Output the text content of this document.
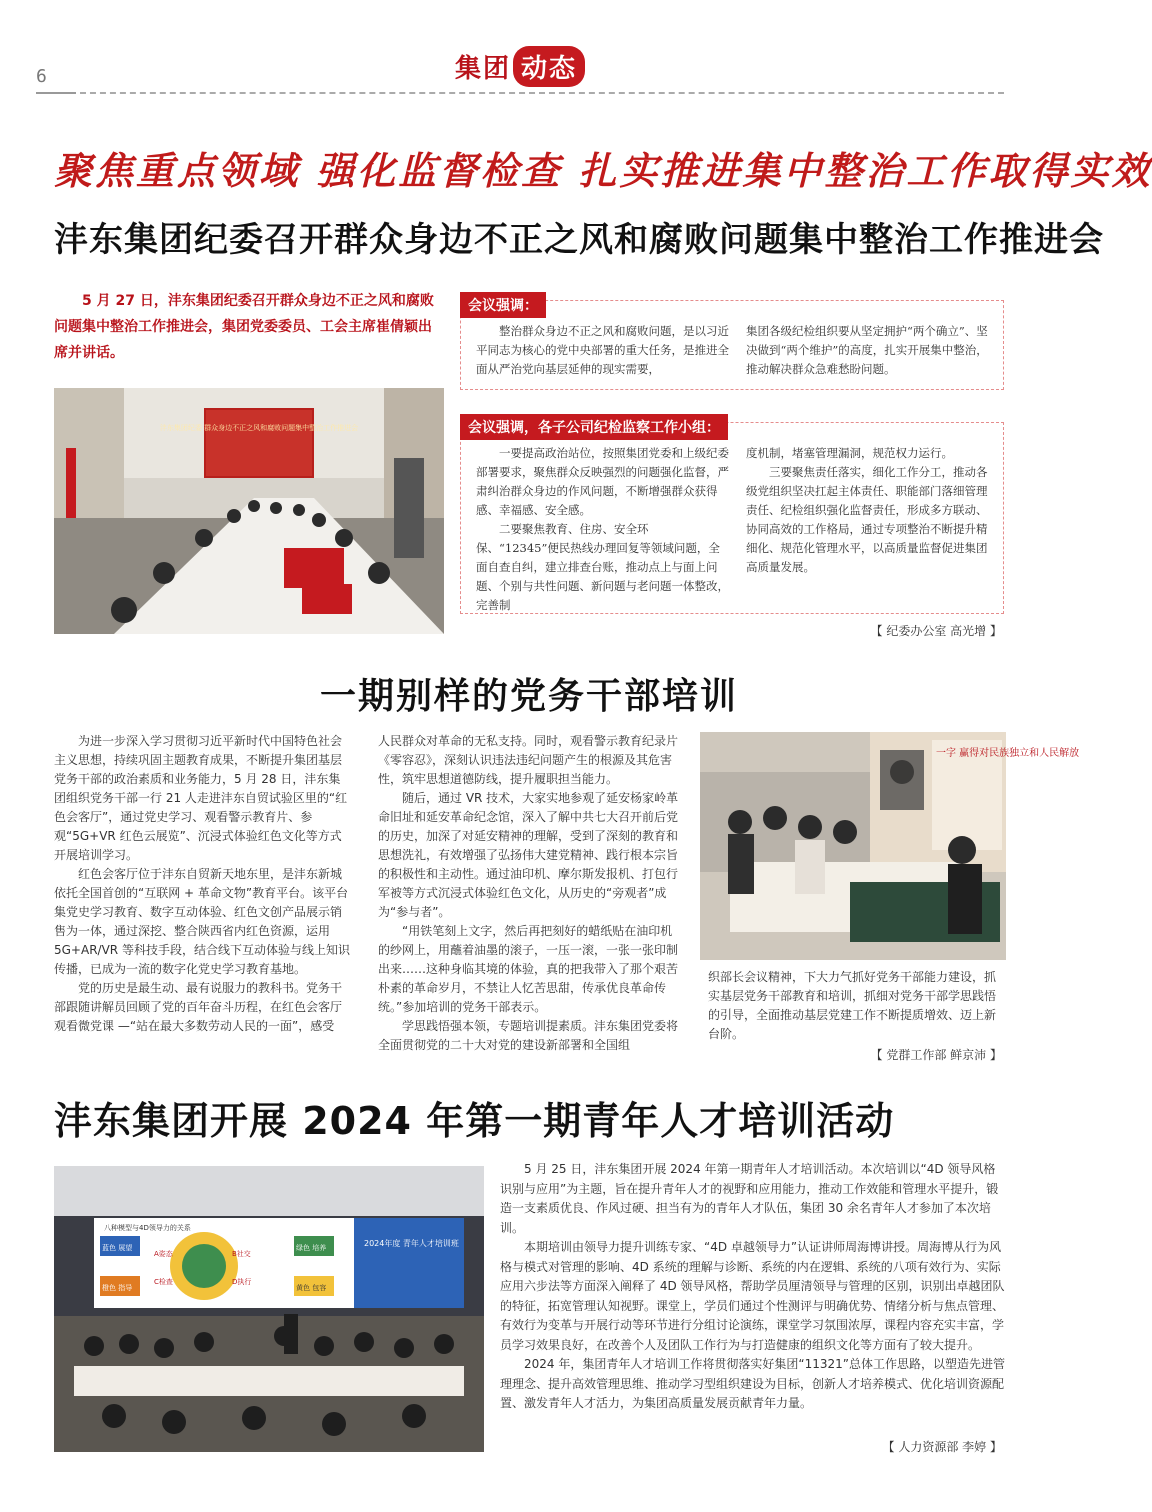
6	集团 动态
聚焦重点领域 强化监督检查 扎实推进集中整治工作取得实效
沣东集团纪委召开群众身边不正之风和腐败问题集中整治工作推进会

5 月 27 日，沣东集团纪委召开群众身边不正之风和腐败问题集中整治工作推进会，集团党委委员、工会主席崔倩颖出席并讲话。

沣东集团纪委 群众身边不正之风和腐败问题集中整治工作推进会
会议强调：

整治群众身边不正之风和腐败问题，是以习近平同志为核心的党中央部署的重大任务，是推进全面从严治党向基层延伸的现实需要，

集团各级纪检组织要从坚定拥护“两个确立”、坚决做到“两个维护”的高度，扎实开展集中整治，推动解决群众急难愁盼问题。

会议强调，各子公司纪检监察工作小组：

一要提高政治站位，按照集团党委和上级纪委部署要求，聚焦群众反映强烈的问题强化监督，严肃纠治群众身边的作风问题，不断增强群众获得感、幸福感、安全感。

二要聚焦教育、住房、安全环保、“12345”便民热线办理回复等领域问题，全面自查自纠，建立排查台账，推动点上与面上问题、个别与共性问题、新问题与老问题一体整改，完善制

度机制，堵塞管理漏洞，规范权力运行。

三要聚焦责任落实，细化工作分工，推动各级党组织坚决扛起主体责任、职能部门落细管理责任、纪检组织强化监督责任，形成多方联动、协同高效的工作格局，通过专项整治不断提升精细化、规范化管理水平，以高质量监督促进集团高质量发展。

【 纪委办公室 高光增 】
一期别样的党务干部培训

为进一步深入学习贯彻习近平新时代中国特色社会主义思想，持续巩固主题教育成果，不断提升集团基层党务干部的政治素质和业务能力，5 月 28 日，沣东集团组织党务干部一行 21 人走进沣东自贸试验区里的“红色会客厅”，通过党史学习、观看警示教育片、参观“5G+VR 红色云展览”、沉浸式体验红色文化等方式开展培训学习。

红色会客厅位于沣东自贸新天地东里，是沣东新城依托全国首创的“互联网 + 革命文物”教育平台。该平台集党史学习教育、数字互动体验、红色文创产品展示销售为一体，通过深挖、整合陕西省内红色资源，运用 5G+AR/VR 等科技手段，结合线下互动体验与线上知识传播，已成为一流的数字化党史学习教育基地。

党的历史是最生动、最有说服力的教科书。党务干部跟随讲解员回顾了党的百年奋斗历程，在红色会客厅观看微党课 —“站在最大多数劳动人民的一面”，感受

人民群众对革命的无私支持。同时，观看警示教育纪录片《零容忍》，深刻认识违法违纪问题产生的根源及其危害性，筑牢思想道德防线，提升履职担当能力。

随后，通过 VR 技术，大家实地参观了延安杨家岭革命旧址和延安革命纪念馆，深入了解中共七大召开前后党的历史，加深了对延安精神的理解，受到了深刻的教育和思想洗礼，有效增强了弘扬伟大建党精神、践行根本宗旨的积极性和主动性。通过油印机、摩尔斯发报机、打包行军被等方式沉浸式体验红色文化，从历史的“旁观者”成为“参与者”。

“用铁笔刻上文字，然后再把刻好的蜡纸贴在油印机的纱网上，用蘸着油墨的滚子，一压一滚，一张一张印制出来……这种身临其境的体验，真的把我带入了那个艰苦朴素的革命岁月，不禁让人忆苦思甜，传承优良革命传统。”参加培训的党务干部表示。

学思践悟强本领，专题培训提素质。沣东集团党委将全面贯彻党的二十大对党的建设新部署和全国组

一字 赢得对民族独立和人民解放

织部长会议精神，下大力气抓好党务干部能力建设，抓实基层党务干部教育和培训，抓细对党务干部学思践悟的引导，全面推动基层党建工作不断提质增效、迈上新台阶。

【 党群工作部 鲜京沛 】
沣东集团开展 2024 年第一期青年人才培训活动
八种模型与4D领导力的关系
2024年度 青年人才培训班
蓝色 展望	绿色 培养
橙色 指导	黄色 包容
A姿态	B社交
C检查	D执行

5 月 25 日，沣东集团开展 2024 年第一期青年人才培训活动。本次培训以“4D 领导风格识别与应用”为主题，旨在提升青年人才的视野和应用能力，推动工作效能和管理水平提升，锻造一支素质优良、作风过硬、担当有为的青年人才队伍，集团 30 余名青年人才参加了本次培训。

本期培训由领导力提升训练专家、“4D 卓越领导力”认证讲师周海博讲授。周海博从行为风格与模式对管理的影响、4D 系统的理解与诊断、系统的内在逻辑、系统的八项有效行为、实际应用六步法等方面深入阐释了 4D 领导风格，帮助学员厘清领导与管理的区别，识别出卓越团队的特征，拓宽管理认知视野。课堂上，学员们通过个性测评与明确优势、情绪分析与焦点管理、有效行为变革与开展行动等环节进行分组讨论演练，课堂学习氛围浓厚，课程内容充实丰富，学员学习效果良好，在改善个人及团队工作行为与打造健康的组织文化等方面有了较大提升。

2024 年，集团青年人才培训工作将贯彻落实好集团“11321”总体工作思路，以塑造先进管理理念、提升高效管理思维、推动学习型组织建设为目标，创新人才培养模式、优化培训资源配置、激发青年人才活力，为集团高质量发展贡献青年力量。

【 人力资源部 李婷 】
